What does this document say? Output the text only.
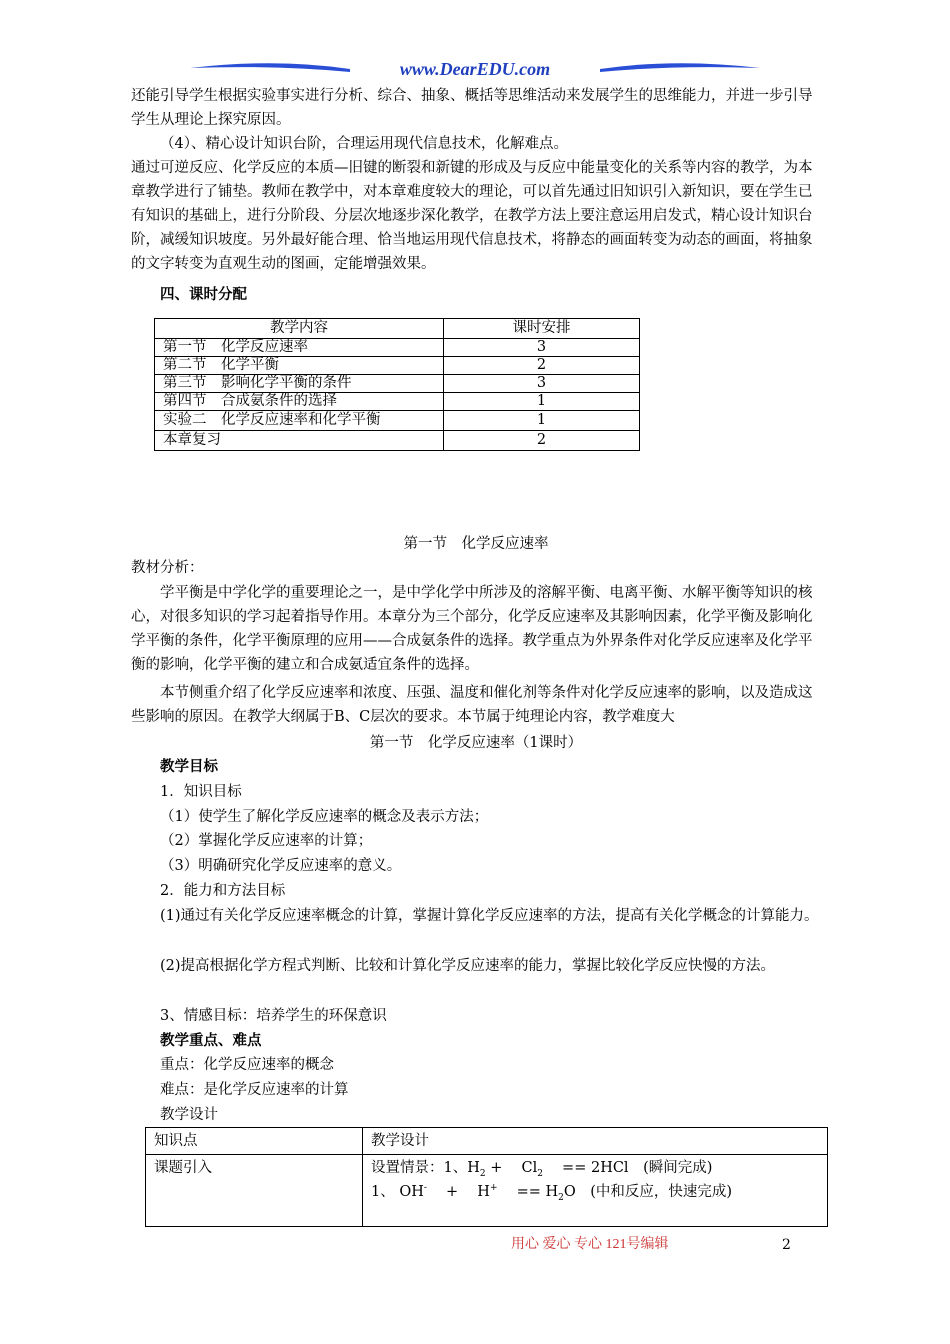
www.DearEDU.com

还能引导学生根据实验事实进行分析、综合、抽象、概括等思维活动来发展学生的思维能力，并进一步引导学生从理论上探究原因。

（4）、精心设计知识台阶，合理运用现代信息技术，化解难点。

通过可逆反应、化学反应的本质—旧键的断裂和新键的形成及与反应中能量变化的关系等内容的教学，为本章教学进行了铺垫。教师在教学中，对本章难度较大的理论，可以首先通过旧知识引入新知识，要在学生已有知识的基础上，进行分阶段、分层次地逐步深化教学，在教学方法上要注意运用启发式，精心设计知识台阶，减缓知识坡度。另外最好能合理、恰当地运用现代信息技术，将静态的画面转变为动态的画面，将抽象的文字转变为直观生动的图画，定能增强效果。

四、课时分配

教学内容	课时安排
第一节　化学反应速率	3
第二节　化学平衡	2
第三节　影响化学平衡的条件	3
第四节　合成氨条件的选择	1
实验二　化学反应速率和化学平衡	1
本章复习	2
第一节　化学反应速率

教材分析：

学平衡是中学化学的重要理论之一，是中学化学中所涉及的溶解平衡、电离平衡、水解平衡等知识的核心，对很多知识的学习起着指导作用。本章分为三个部分，化学反应速率及其影响因素，化学平衡及影响化学平衡的条件，化学平衡原理的应用——合成氨条件的选择。教学重点为外界条件对化学反应速率及化学平衡的影响，化学平衡的建立和合成氨适宜条件的选择。

本节侧重介绍了化学反应速率和浓度、压强、温度和催化剂等条件对化学反应速率的影响，以及造成这些影响的原因。在教学大纲属于B、C层次的要求。本节属于纯理论内容，教学难度大

第一节　化学反应速率（1课时）

教学目标

1．知识目标

（1）使学生了解化学反应速率的概念及表示方法；

（2）掌握化学反应速率的计算；

（3）明确研究化学反应速率的意义。

2．能力和方法目标

(1)通过有关化学反应速率概念的计算，掌握计算化学反应速率的方法，提高有关化学概念的计算能力。

(2)提高根据化学方程式判断、比较和计算化学反应速率的能力，掌握比较化学反应快慢的方法。

3、情感目标：培养学生的环保意识

教学重点、难点

重点：化学反应速率的概念

难点：是化学反应速率的计算

教学设计

知识点	教学设计
课题引入	设置情景：1、$H_2$ + 　$Cl_2$ 　== 2HCl　(瞬间完成)
1、 OH- 　+ 　H+ 　== $H_2O$　(中和反应，快速完成)
用心 爱心 专心 121号编辑	2
